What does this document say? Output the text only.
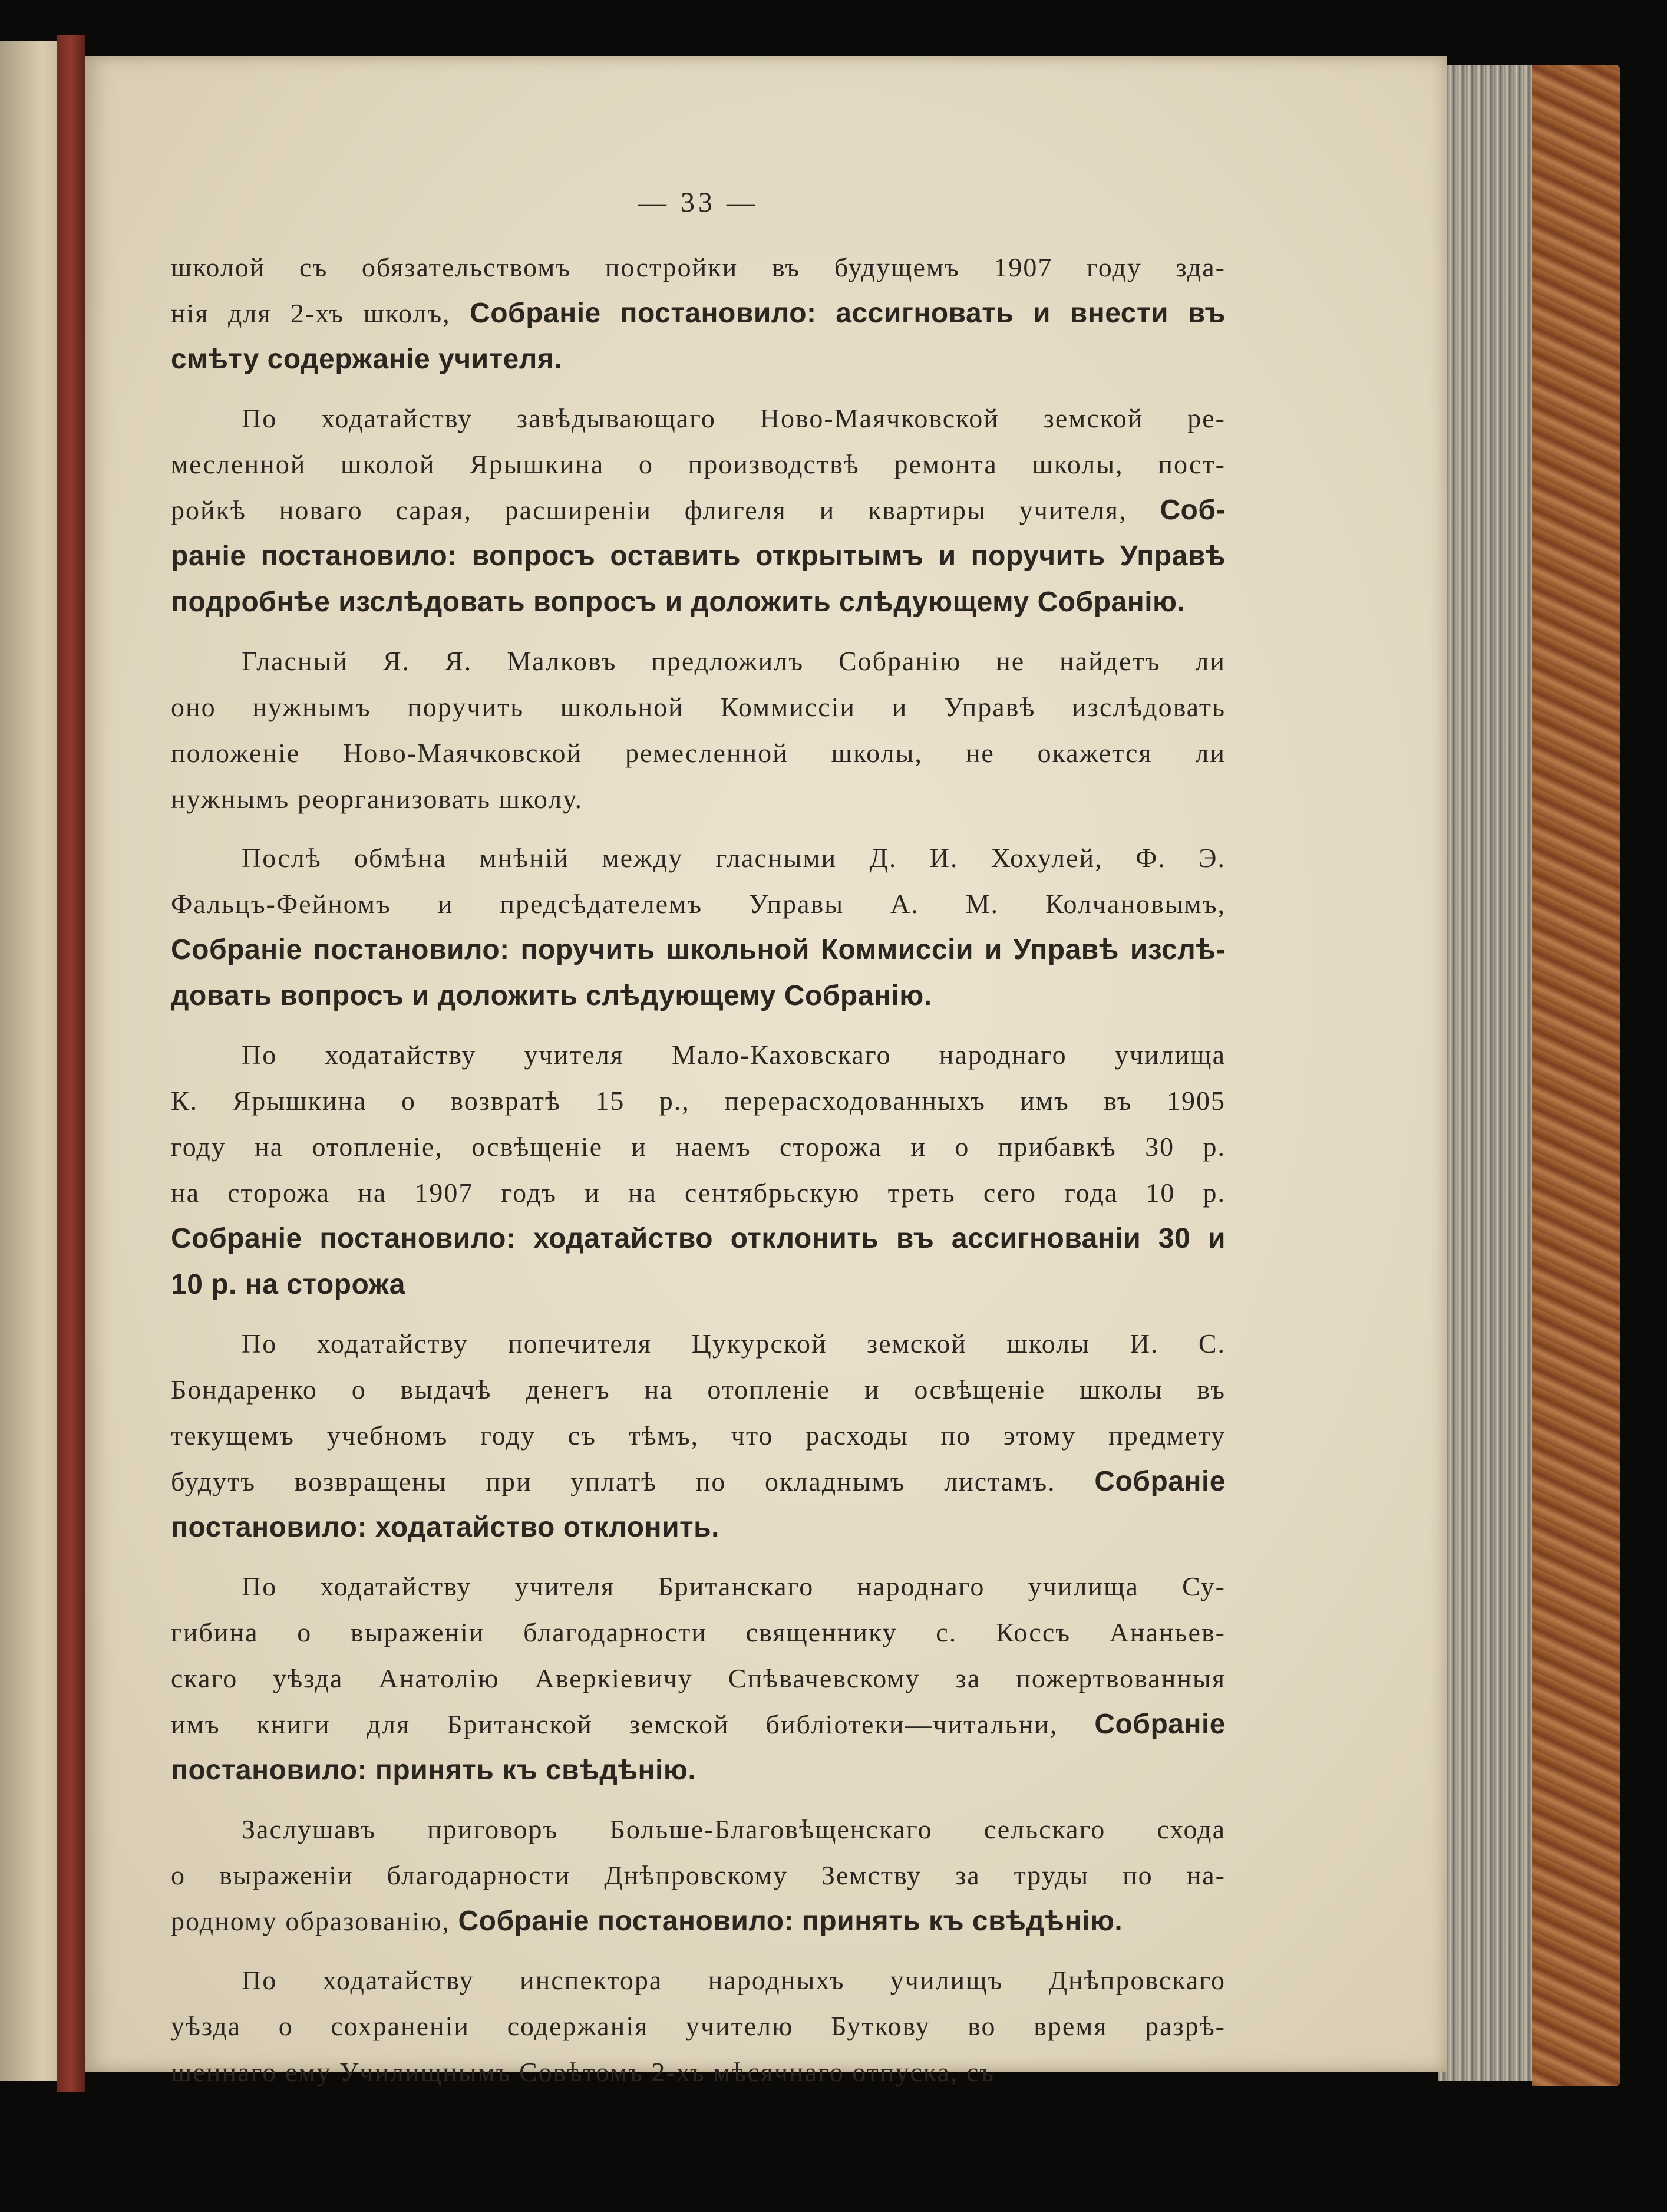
— 33 —
школой съ обязательствомъ постройки въ будущемъ 1907 году зда-
нія для 2-хъ школъ, Собраніе постановило: ассигновать и внести въ
смѣту содержаніе учителя.
По ходатайству завѣдывающаго Ново-Маячковской земской ре-
месленной школой Ярышкина о производствѣ ремонта школы, пост-
ройкѣ новаго сарая, расширеніи флигеля и квартиры учителя, Соб-
раніе постановило: вопросъ оставить открытымъ и поручить Управѣ
подробнѣе изслѣдовать вопросъ и доложить слѣдующему Собранію.
Гласный Я. Я. Малковъ предложилъ Собранію не найдетъ ли
оно нужнымъ поручить школьной Коммиссіи и Управѣ изслѣдовать
положеніе Ново-Маячковской ремесленной школы, не окажется ли
нужнымъ реорганизовать школу.
Послѣ обмѣна мнѣній между гласными Д. И. Хохулей, Ф. Э.
Фальцъ-Фейномъ и предсѣдателемъ Управы А. М. Колчановымъ,
Собраніе постановило: поручить школьной Коммиссіи и Управѣ изслѣ-
довать вопросъ и доложить слѣдующему Собранію.
По ходатайству учителя Мало-Каховскаго народнаго училища
К. Ярышкина о возвратѣ 15 р., перерасходованныхъ имъ въ 1905
году на отопленіе, освѣщеніе и наемъ сторожа и о прибавкѣ 30 р.
на сторожа на 1907 годъ и на сентябрьскую треть сего года 10 р.
Собраніе постановило: ходатайство отклонить въ ассигнованіи 30 и
10 р. на сторожа
По ходатайству попечителя Цукурской земской школы И. С.
Бондаренко о выдачѣ денегъ на отопленіе и освѣщеніе школы въ
текущемъ учебномъ году съ тѣмъ, что расходы по этому предмету
будутъ возвращены при уплатѣ по окладнымъ листамъ. Собраніе
постановило: ходатайство отклонить.
По ходатайству учителя Британскаго народнаго училища Су-
гибина о выраженіи благодарности священнику с. Коссъ Ананьев-
скаго уѣзда Анатолію Аверкіевичу Спѣвачевскому за пожертвованныя
имъ книги для Британской земской библіотеки—читальни, Собраніе
постановило: принять къ свѣдѣнію.
Заслушавъ приговоръ Больше-Благовѣщенскаго сельскаго схода
о выраженіи благодарности Днѣпровскому Земству за труды по на-
родному образованію, Собраніе постановило: принять къ свѣдѣнію.
По ходатайству инспектора народныхъ училищъ Днѣпровскаго
уѣзда о сохраненіи содержанія учителю Буткову во время разрѣ-
шеннаго ему Училищнымъ Совѣтомъ 2-хъ мѣсячнаго отпуска, съ
